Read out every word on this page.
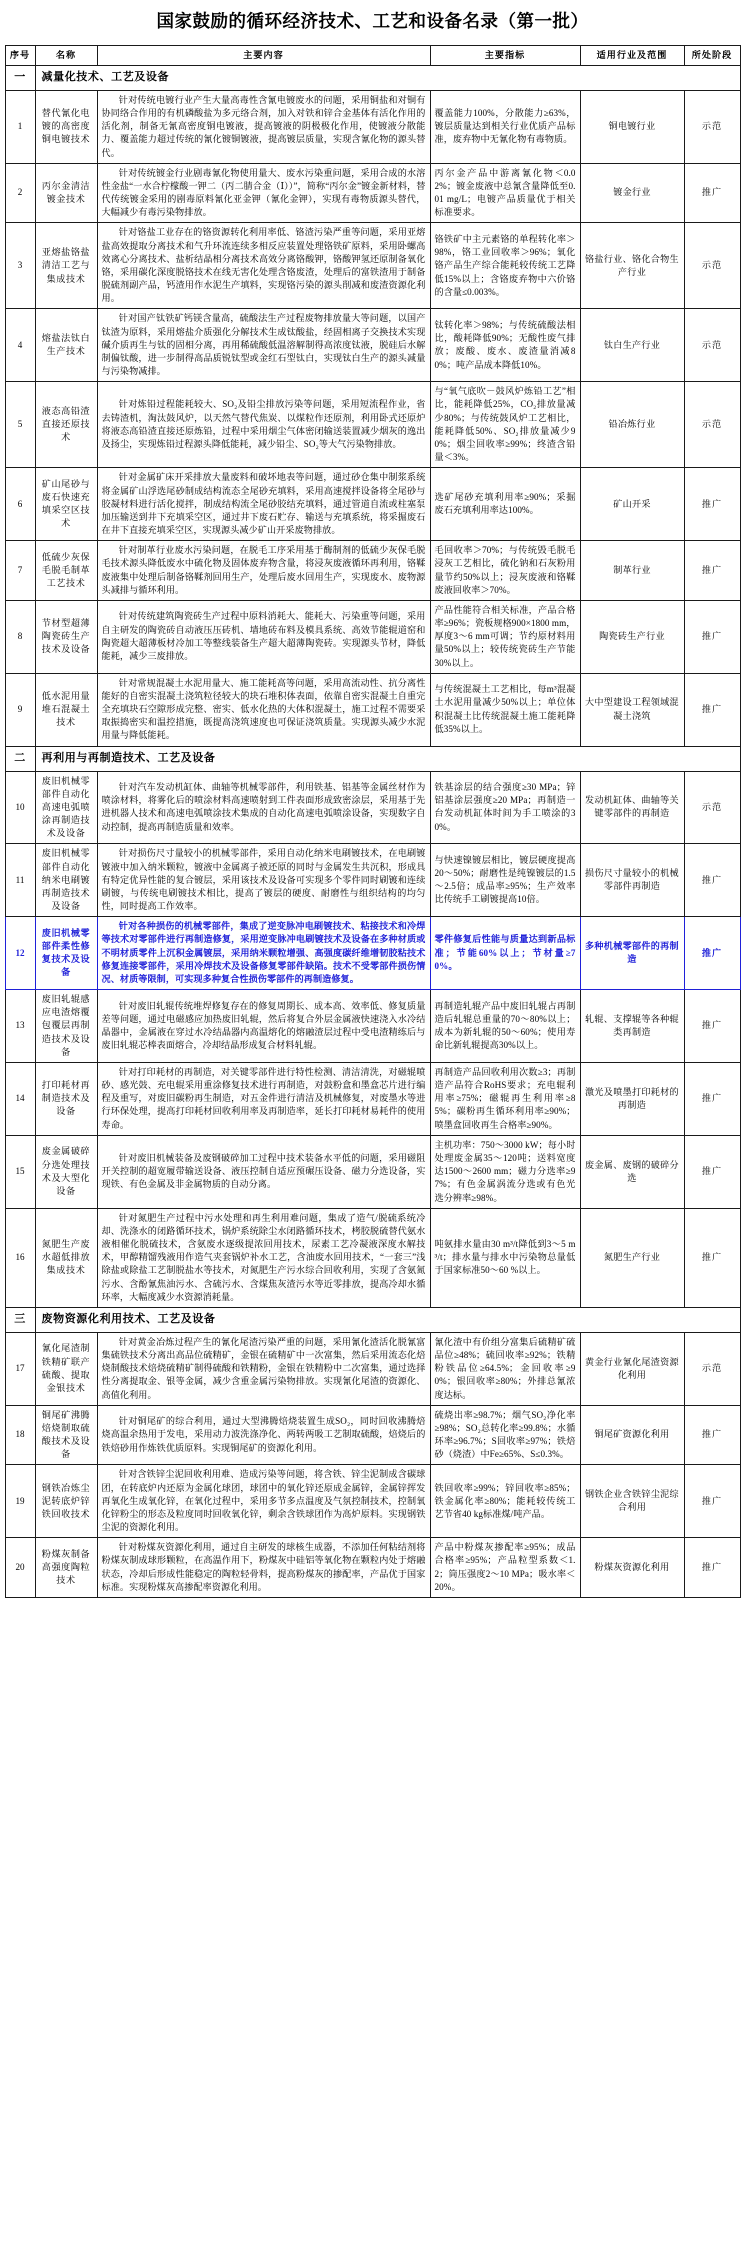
国家鼓励的循环经济技术、工艺和设备名录（第一批）
序号	名称	主要内容	主要指标	适用行业及范围	所处阶段
一	减量化技术、工艺及设备				
1	替代氰化电镀的高密度铜电镀技术	针对传统电镀行业产生大量高毒性含氰电镀废水的问题，采用铜盐和对铜有协同络合作用的有机磷酸盐为多元络合剂，加入对铁和锌合金基体有活化作用的活化剂，制备无氰高密度铜电镀液，提高镀液的阴极极化作用，使镀液分散能力、覆盖能力超过传统的氰化镀铜镀液，提高镀层质量，实现含氰化物的源头替代。	覆盖能力100%，分散能力≥63%，镀层质量达到相关行业优质产品标准，废弃物中无氰化物有毒物质。	铜电镀行业	示范
2	丙尔金清洁镀金技术	针对传统镀金行业剧毒氰化物使用量大、废水污染重问题，采用合成的水溶性金盐“一水合柠檬酸一钾二（丙二腈合金（Ⅰ））”，简称“丙尔金”镀金新材料，替代传统镀金采用的剧毒原料氰化亚金钾（氰化金钾），实现有毒物质源头替代，大幅减少有毒污染物排放。	丙尔金产品中游离氰化物＜0.02%；镀金废液中总氰含量降低至0.01 mg/L；电镀产品质量优于相关标准要求。	镀金行业	推广
3	亚熔盐铬盐清洁工艺与集成技术	针对铬盐工业存在的铬资源转化利用率低、铬渣污染严重等问题，采用亚熔盐高效提取分离技术和气升环流连续多相反应装置处理铬铁矿原料，采用卧螺高效离心分离技术、盐析结晶相分离技术高效分离铬酸钾，铬酸钾氢还原制备氧化铬，采用碳化深度脱铬技术在线无害化处理含铬废渣，处理后的富铁渣用于制备脱硫剂副产品，钙渣用作水泥生产填料，实现铬污染的源头削减和废渣资源化利用。	铬铁矿中主元素铬的单程转化率＞98%，铬工业回收率＞96%；氧化铬产品生产综合能耗较传统工艺降低15%以上；含铬废弃物中六价铬的含量≤0.003%。	铬盐行业、铬化合物生产行业	示范
4	熔盐法钛白生产技术	针对国产钛铁矿钙镁含量高，硫酸法生产过程废物排放量大等问题，以国产钛渣为原料，采用熔盐介质强化分解技术生成钛酸盐，经固相离子交换技术实现碱介质再生与钛的固相分离，再用稀硫酸低温溶解制得高浓度钛液，脱硅后水解制偏钛酸，进一步制得高品质锐钛型或金红石型钛白，实现钛白生产的源头减量与污染物减排。	钛转化率＞98%；与传统硫酸法相比，酸耗降低90%；无酸性废气排放；废酸、废水、废渣量消减80%；吨产品成本降低10%。	钛白生产行业	示范
5	液态高铅渣直接还原技术	针对炼铅过程能耗较大、SO₂及铅尘排放污染等问题，采用短流程作业，省去铸渣机，淘汰鼓风炉，以天然气替代焦炭、以煤粒作还原剂，利用卧式还原炉将液态高铅渣直接还原炼铅，过程中采用烟尘气体密闭输送装置减少烟灰的逸出及扬尘，实现炼铅过程源头降低能耗，减少铅尘、SO₂等大气污染物排放。	与“氧气底吹－鼓风炉炼铅工艺”相比，能耗降低25%，CO₂排放量减少80%；与传统鼓风炉工艺相比，能耗降低50%、SO₂排放量减少90%；烟尘回收率≥99%；终渣含铅量＜3%。	铅冶炼行业	示范
6	矿山尾砂与废石快速充填采空区技术	针对金属矿床开采排放大量废料和破坏地表等问题，通过砂仓集中制浆系统将金属矿山浮选尾砂制成结构流态全尾砂充填料，采用高速搅拌设备将全尾砂与胶凝材料进行活化搅拌，制成结构流全尾砂胶结充填料，通过管道自流或柱塞泵加压输送到井下充填采空区，通过井下废石贮存、输送与充填系统，将采掘废石在井下直接充填采空区，实现源头减少矿山开采废物排放。	选矿尾砂充填利用率≥90%；采掘废石充填利用率达100%。	矿山开采	推广
7	低硫少灰保毛脱毛制革工艺技术	针对制革行业废水污染问题，在脱毛工序采用基于酶制剂的低硫少灰保毛脱毛技术源头降低废水中硫化物及固体废弃物含量，将浸灰废液循环再利用，铬鞣废液集中处理后制备铬鞣剂回用生产，处理后废水回用生产，实现废水、废物源头减排与循环利用。	毛回收率＞70%；与传统毁毛脱毛浸灰工艺相比，硫化钠和石灰粉用量节约50%以上；浸灰废液和铬鞣废液回收率＞70%。	制革行业	推广
8	节材型超薄陶瓷砖生产技术及设备	针对传统建筑陶瓷砖生产过程中原料消耗大、能耗大、污染重等问题，采用自主研发的陶瓷砖自动液压压砖机、墙地砖布料及模具系统、高效节能辊道窑和陶瓷超大超薄板材冷加工等整线装备生产超大超薄陶瓷砖。实现源头节材，降低能耗，减少三废排放。	产品性能符合相关标准，产品合格率≥96%；瓷板规格900×1800 mm，厚度3～6 mm可调；节约原材料用量50%以上；较传统瓷砖生产节能30%以上。	陶瓷砖生产行业	推广
9	低水泥用量堆石混凝土技术	针对常规混凝土水泥用量大、施工能耗高等问题，采用高流动性、抗分离性能好的自密实混凝土浇筑粒径较大的块石堆积体表面，依靠自密实混凝土自重完全充填块石空隙形成完整、密实、低水化热的大体积混凝土，施工过程不需要采取振捣密实和温控措施，既提高浇筑速度也可保证浇筑质量。实现源头减少水泥用量与降低能耗。	与传统混凝土工艺相比，每m³混凝土水泥用量减少50%以上；单位体积混凝土比传统混凝土施工能耗降低35%以上。	大中型建设工程领域混凝土浇筑	推广
二	再利用与再制造技术、工艺及设备				
10	废旧机械零部件自动化高速电弧喷涂再制造技术及设备	针对汽车发动机缸体、曲轴等机械零部件，利用铁基、铝基等金属丝材作为喷涂材料，将雾化后的喷涂材料高速喷射到工件表面形成致密涂层，采用基于先进机器人技术和高速电弧喷涂技术集成的自动化高速电弧喷涂设备，实现数字自动控制，提高再制造质量和效率。	铁基涂层的结合强度≥30 MPa；锌铝基涂层强度≥20 MPa；再制造一台发动机缸体时间为手工喷涂的30%。	发动机缸体、曲轴等关键零部件的再制造	示范
11	废旧机械零部件自动化纳米电刷镀再制造技术及设备	针对损伤尺寸量较小的机械零部件，采用自动化纳米电刷镀技术，在电刷镀镀液中加入纳米颗粒，镀液中金属离子被还原的同时与金属发生共沉积，形成具有特定优异性能的复合镀层，采用该技术及设备可实现多个零件同时刷镀和连续刷镀，与传统电刷镀技术相比，提高了镀层的硬度、耐磨性与组织结构的均匀性，同时提高工作效率。	与快速镍镀层相比，镀层硬度提高20～50%；耐磨性是纯镍镀层的1.5～2.5倍；成品率≥95%；生产效率比传统手工刷镀提高10倍。	损伤尺寸量较小的机械零部件再制造	推广
12	废旧机械零部件柔性修复技术及设备	针对各种损伤的机械零部件，集成了逆变脉冲电刷镀技术、粘接技术和冷焊等技术对零部件进行再制造修复，采用逆变脉冲电刷镀技术及设备在多种材质或不明材质零件上沉积金属镀层，采用纳米颗粒增强、高强度碳纤维增韧胶粘技术修复连接零部件，采用冷焊技术及设备修复零部件缺陷。技术不受零部件损伤情况、材质等限制，可实现多种复合性损伤零部件的再制造修复。	零件修复后性能与质量达到新品标准；节能60%以上；节材量≥70%。	多种机械零部件的再制造	推广
13	废旧轧辊感应电渣熔覆包覆层再制造技术及设备	针对废旧轧辊传统堆焊修复存在的修复周期长、成本高、效率低、修复质量差等问题，通过电磁感应加热废旧轧辊，然后将复合外层金属液快速浇入水冷结晶器中，金属液在穿过水冷结晶器内高温熔化的熔融渣层过程中受电渣精练后与废旧轧辊芯棒表面熔合，冷却结晶形成复合材料轧辊。	再制造轧辊产品中废旧轧辊占再制造后轧辊总重量的70～80%以上；成本为新轧辊的50～60%；使用寿命比新轧辊提高30%以上。	轧辊、支撑辊等各种辊类再制造	推广
14	打印耗材再制造技术及设备	针对打印耗材的再制造，对关键零部件进行特性检测、清洁清洗，对磁辊喷砂、感光鼓、充电辊采用重涂修复技术进行再制造，对鼓粉盒和墨盒芯片进行编程及重写，对废旧碳粉再生制造，对五金件进行清洁及机械修复，对废墨水等进行环保处理，提高打印耗材回收利用率及再制造率，延长打印耗材易耗件的使用寿命。	再制造产品回收利用次数≥3；再制造产品符合RoHS要求；充电辊利用率≥75%；磁辊再生利用率≥85%；碳粉再生循环利用率≥90%；喷墨盒回收再生合格率≥90%。	激光及喷墨打印耗材的再制造	推广
15	废金属破碎分选处理技术及大型化设备	针对废旧机械装备及废钢破碎加工过程中技术装备水平低的问题，采用磁阻开关控制的超宽履带输送设备、液压控制自适应预碾压设备、磁力分选设备，实现铁、有色金属及非金属物质的自动分离。	主机功率：750～3000 kW；每小时处理废金属35～120吨；送料宽度达1500～2600 mm；磁力分选率≥97%；有色金属涡流分选或有色光选分辨率≥98%。	废金属、废钢的破碎分选	推广
16	氮肥生产废水超低排放集成技术	针对氮肥生产过程中污水处理和再生利用难问题，集成了造气/脱硫系统冷却、洗涤水的闭路循环技术，锅炉系统除尘水闭路循环技术，栲胶脱硫替代氨水液相催化脱硫技术，含氨废水逐级提浓回用技术，尿素工艺冷凝液深度水解技术，甲醇精馏残液用作造气夹套锅炉补水工艺，含油废水回用技术，“一套三”浅除盐或除盐工艺制脱盐水等技术，对氮肥生产污水综合回收利用，实现了含氨氮污水、含酚氰焦油污水、含硫污水、含煤焦灰渣污水等近零排放，提高冷却水循环率，大幅度减少水资源消耗量。	吨氨排水量由30 m³/t降低到3～5 m³/t；排水量与排水中污染物总量低于国家标准50～60 %以上。	氮肥生产行业	推广
三	废物资源化利用技术、工艺及设备				
17	氰化尾渣制铁精矿联产硫酸、提取金银技术	针对黄金冶炼过程产生的氰化尾渣污染严重的问题，采用氰化渣活化脱氰富集硫铁技术分离出高品位硫精矿，金银在硫精矿中一次富集，然后采用流态化焙烧制酸技术焙烧硫精矿制得硫酸和铁精粉，金银在铁精粉中二次富集，通过选择性分离提取金、银等金属，减少含重金属污染物排放。实现氰化尾渣的资源化、高值化利用。	氰化渣中有价组分富集后硫精矿硫品位≥48%；硫回收率≥92%；铁精粉铁品位≥64.5%；金回收率≥90%；银回收率≥80%；外排总氰浓度达标。	黄金行业氰化尾渣资源化利用	示范
18	铜尾矿沸腾焙烧制取硫酸技术及设备	针对铜尾矿的综合利用，通过大型沸腾焙烧装置生成SO₂，同时回收沸腾焙烧高温余热用于发电，采用动力波洗涤净化、两转两吸工艺制取硫酸，焙烧后的铁焙砂用作炼铁优质原料。实现铜尾矿的资源化利用。	硫烧出率≥98.7%；烟气SO₂净化率≥98%；SO₂总转化率≥99.8%；水循环率≥96.7%；S回收率≥97%；铁焙砂（烧渣）中Fe≥65%、S≤0.3%。	铜尾矿资源化利用	推广
19	钢铁冶炼尘泥转底炉锌铁回收技术	针对含铁锌尘泥回收利用难、造成污染等问题，将含铁、锌尘泥制成含碳球团，在转底炉内还原为金属化球团，球团中的氧化锌还原成金属锌，金属锌挥发再氧化生成氧化锌，在氧化过程中，采用多节多点温度及气氛控制技术，控制氧化锌粉尘的形态及粒度同时回收氧化锌，剩余含铁球团作为高炉原料。实现钢铁尘泥的资源化利用。	铁回收率≥99%；锌回收率≥85%；铁金属化率≥80%；能耗较传统工艺节省40 kg标准煤/吨产品。	钢铁企业含铁锌尘泥综合利用	推广
20	粉煤灰制备高强度陶粒技术	针对粉煤灰资源化利用，通过自主研发的球核生成器，不添加任何粘结剂将粉煤灰制成球形颗粒，在高温作用下，粉煤灰中硅铝等氧化物在颗粒内处于熔融状态，冷却后形成性能稳定的陶粒轻骨料，提高粉煤灰的掺配率，产品优于国家标准。实现粉煤灰高掺配率资源化利用。	产品中粉煤灰掺配率≥95%；成品合格率≥95%；产品粒型系数＜1.2；筒压强度2～10 MPa；吸水率＜20%。	粉煤灰资源化利用	推广
